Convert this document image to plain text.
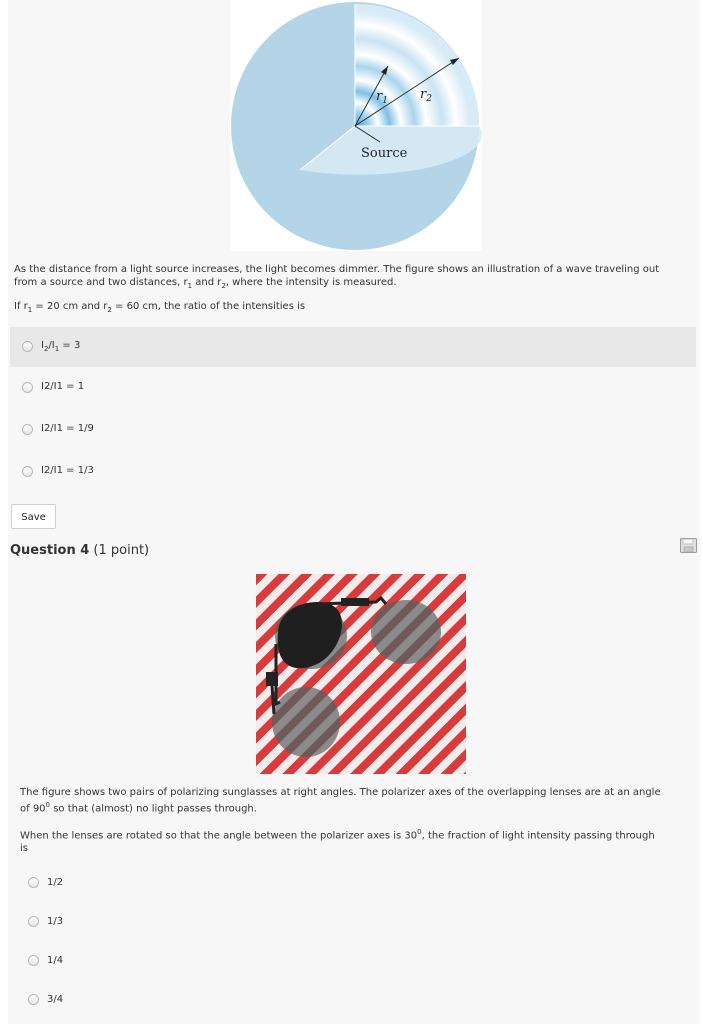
$r_1$ $r_2$
Source
As the distance from a light source increases, the light becomes dimmer. The figure shows an illustration of a wave traveling out
from a source and two distances, $r_1$ and $r_2$, where the intensity is measured.
If $r_1 = 20$ cm and $r_2 = 60$ cm, the ratio of the intensities is
$I_2/I_1 = 3$
I2/I1 = 1
I2/I1 = 1/9
I2/I1 = 1/3
Save
Question 4 (1 point)
The figure shows two pairs of polarizing sunglasses at right angles. The polarizer axes of the overlapping lenses are at an angle
of $90^0$ so that (almost) no light passes through.
When the lenses are rotated so that the angle between the polarizer axes is $30^0$, the fraction of light intensity passing through
is
1/2
1/3
1/4
3/4
